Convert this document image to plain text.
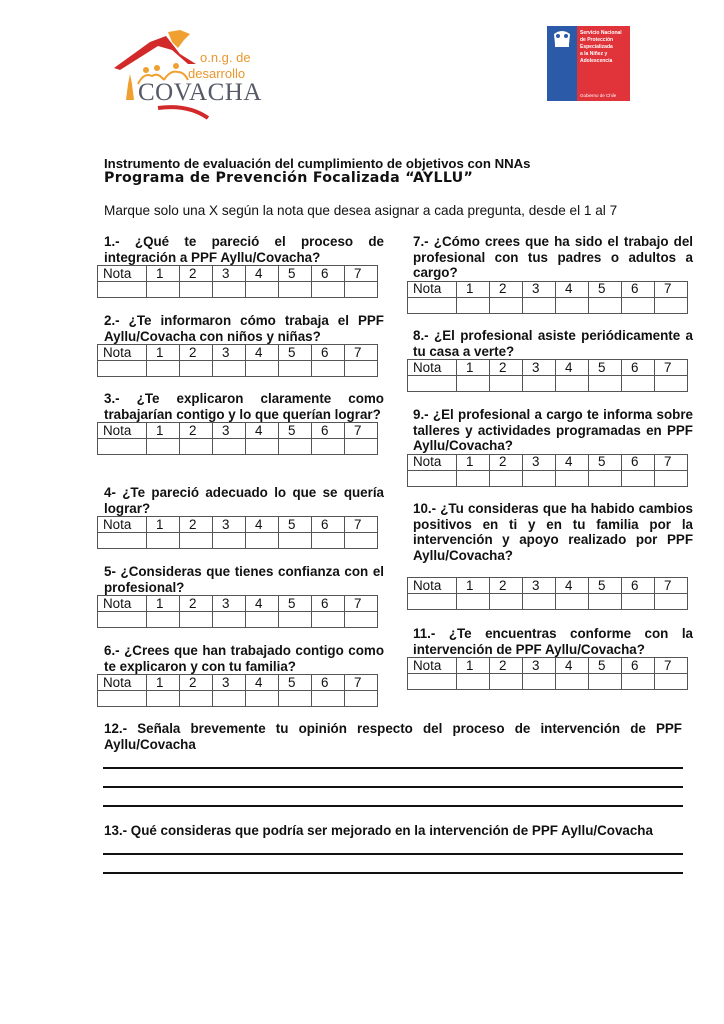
o.n.g. de
desarrollo
COVACHA
Servicio Nacional
de Protección
Especializada
a la Niñez y
Adolescencia
Gobierno de Chile
Instrumento de evaluación del cumplimiento de objetivos con NNAs
Programa de Prevención Focalizada “AYLLU”
Marque solo una X según la nota que desea asignar a cada pregunta, desde el 1 al 7
1.- ¿Qué te pareció el proceso de integración a PPF Ayllu/Covacha?
Nota	1	2	3	4	5	6	7

2.- ¿Te informaron cómo trabaja el PPF Ayllu/Covacha con niños y niñas?
Nota	1	2	3	4	5	6	7

3.- ¿Te explicaron claramente como trabajarían contigo y lo que querían lograr?
Nota	1	2	3	4	5	6	7

4- ¿Te pareció adecuado lo que se quería lograr?
Nota	1	2	3	4	5	6	7

5- ¿Consideras que tienes confianza con el profesional?
Nota	1	2	3	4	5	6	7

6.- ¿Crees que han trabajado contigo como te explicaron y con tu familia?
Nota	1	2	3	4	5	6	7

7.- ¿Cómo crees que ha sido el trabajo del profesional con tus padres o adultos a cargo?
Nota	1	2	3	4	5	6	7

8.- ¿El profesional asiste periódicamente a tu casa a verte?
Nota	1	2	3	4	5	6	7

9.- ¿El profesional a cargo te informa sobre talleres y actividades programadas en PPF Ayllu/Covacha?
Nota	1	2	3	4	5	6	7

10.- ¿Tu consideras que ha habido cambios positivos en ti y en tu familia por la intervención y apoyo realizado por PPF Ayllu/Covacha?
Nota	1	2	3	4	5	6	7

11.- ¿Te encuentras conforme con la intervención de PPF Ayllu/Covacha?
Nota	1	2	3	4	5	6	7

12.- Señala brevemente tu opinión respecto del proceso de intervención de PPF Ayllu/Covacha
13.- Qué consideras que podría ser mejorado en la intervención de PPF Ayllu/Covacha
